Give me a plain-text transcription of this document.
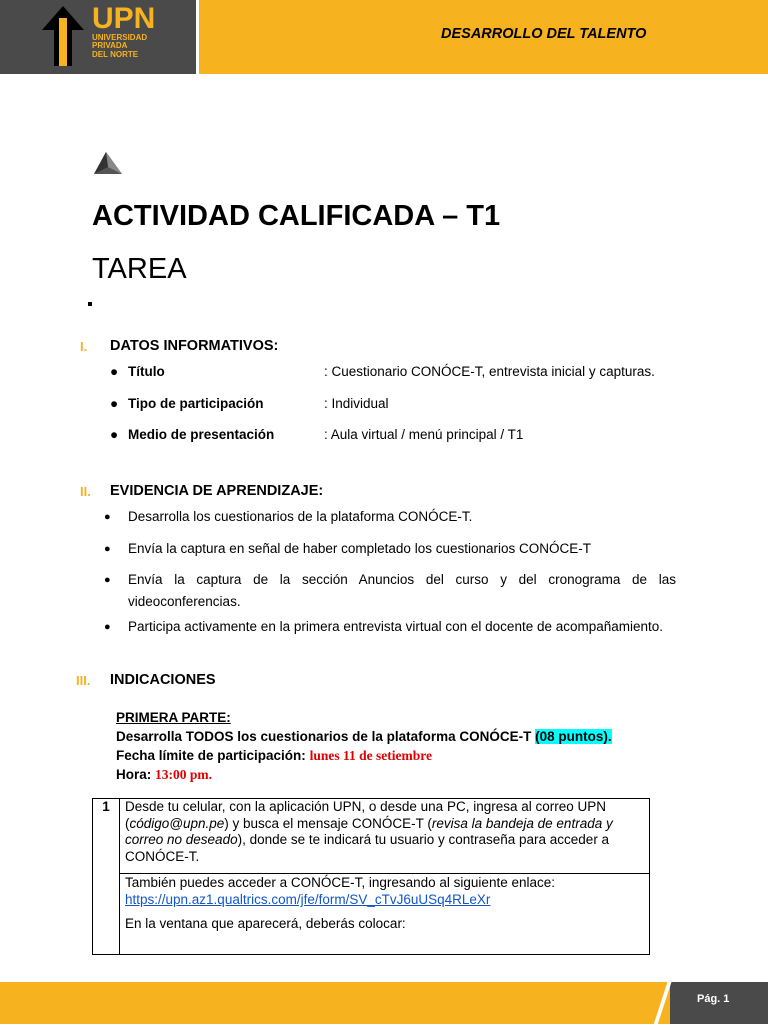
UPN
UNIVERSIDAD
PRIVADA
DEL NORTE
DESARROLLO DEL TALENTO
ACTIVIDAD CALIFICADA – T1
TAREA
I. DATOS INFORMATIVOS:
● Título	: Cuestionario CONÓCE-T, entrevista inicial y capturas.
● Tipo de participación	: Individual
● Medio de presentación	: Aula virtual / menú principal / T1
II. EVIDENCIA DE APRENDIZAJE:
● Desarrolla los cuestionarios de la plataforma CONÓCE-T.
● Envía la captura en señal de haber completado los cuestionarios CONÓCE-T
● Envía la captura de la sección Anuncios del curso y del cronograma de las videoconferencias.
● Participa activamente en la primera entrevista virtual con el docente de acompañamiento.
III. INDICACIONES
PRIMERA PARTE:
Desarrolla TODOS los cuestionarios de la plataforma CONÓCE-T (08 puntos).
Fecha límite de participación: lunes 11 de setiembre
Hora: 13:00 pm.
1	Desde tu celular, con la aplicación UPN, o desde una PC, ingresa al correo UPN (código@upn.pe) y busca el mensaje CONÓCE-T (revisa la bandeja de entrada y correo no deseado), donde se te indicará tu usuario y contraseña para acceder a CONÓCE-T.

También puedes acceder a CONÓCE-T, ingresando al siguiente enlace:
https://upn.az1.qualtrics.com/jfe/form/SV_cTvJ6uUSq4RLeXr
En la ventana que aparecerá, deberás colocar:
Pág. 1
